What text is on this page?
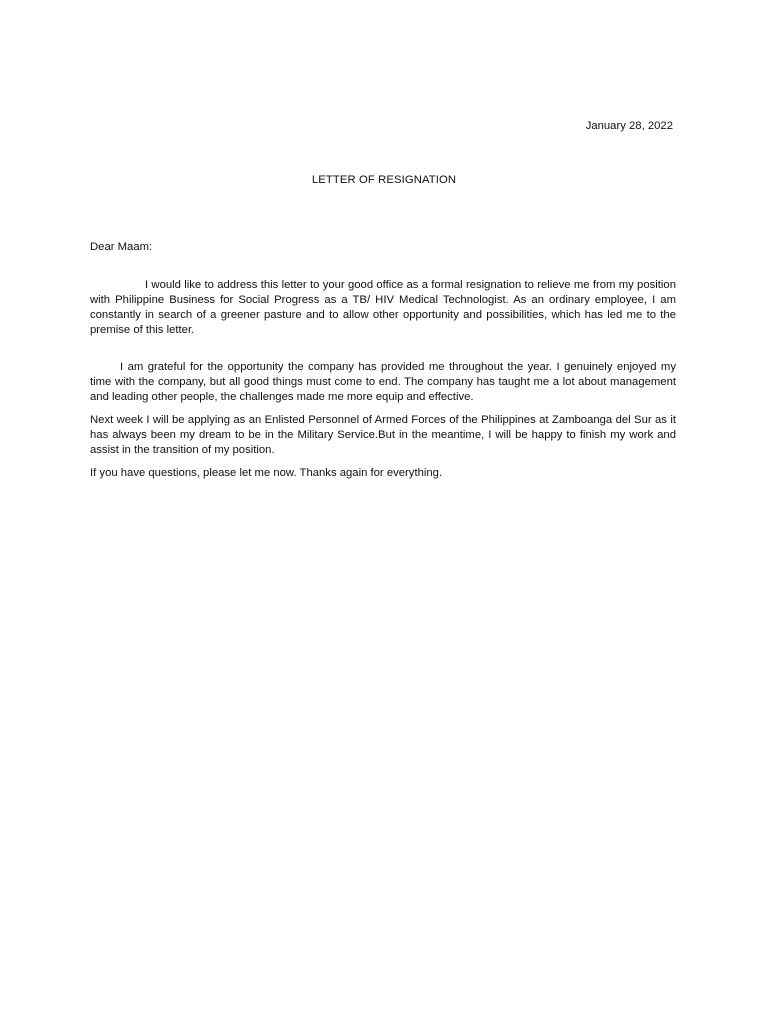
January 28, 2022
LETTER OF RESIGNATION
Dear Maam:

I would like to address this letter to your good office as a formal resignation to relieve me from my position with Philippine Business for Social Progress as a TB/ HIV Medical Technologist. As an ordinary employee, I am constantly in search of a greener pasture and to allow other opportunity and possibilities, which has led me to the premise of this letter.

I am grateful for the opportunity the company has provided me throughout the year. I genuinely enjoyed my time with the company, but all good things must come to end. The company has taught me a lot about management and leading other people, the challenges made me more equip and effective.

Next week I will be applying as an Enlisted Personnel of Armed Forces of the Philippines at Zamboanga del Sur as it has always been my dream to be in the Military Service.But in the meantime, I will be happy to finish my work and assist in the transition of my position.

If you have questions, please let me now. Thanks again for everything.
